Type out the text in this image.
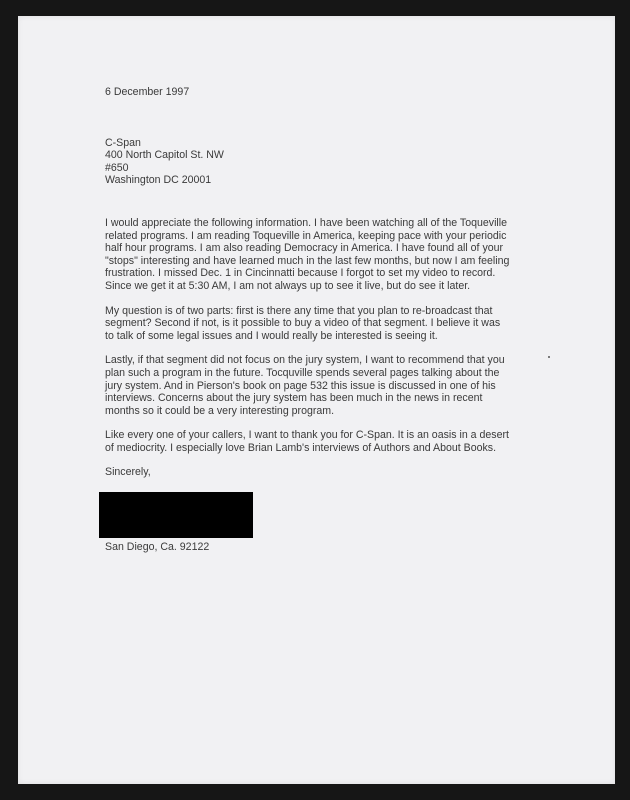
6 December 1997

C-Span

400 North Capitol St. NW

#650

Washington DC 20001

I would appreciate the following information. I have been watching all of the Toqueville
related programs. I am reading Toqueville in America, keeping pace with your periodic
half hour programs. I am also reading Democracy in America. I have found all of your
"stops" interesting and have learned much in the last few months, but now I am feeling
frustration. I missed Dec. 1 in Cincinnatti because I forgot to set my video to record.
Since we get it at 5:30 AM, I am not always up to see it live, but do see it later.

My question is of two parts: first is there any time that you plan to re-broadcast that
segment? Second if not, is it possible to buy a video of that segment. I believe it was
to talk of some legal issues and I would really be interested is seeing it.

Lastly, if that segment did not focus on the jury system, I want to recommend that you
plan such a program in the future. Tocquville spends several pages talking about the
jury system. And in Pierson's book on page 532 this issue is discussed in one of his
interviews. Concerns about the jury system has been much in the news in recent
months so it could be a very interesting program.

Like every one of your callers, I want to thank you for C-Span. It is an oasis in a desert
of mediocrity. I especially love Brian Lamb's interviews of Authors and About Books.

Sincerely,

San Diego, Ca. 92122
